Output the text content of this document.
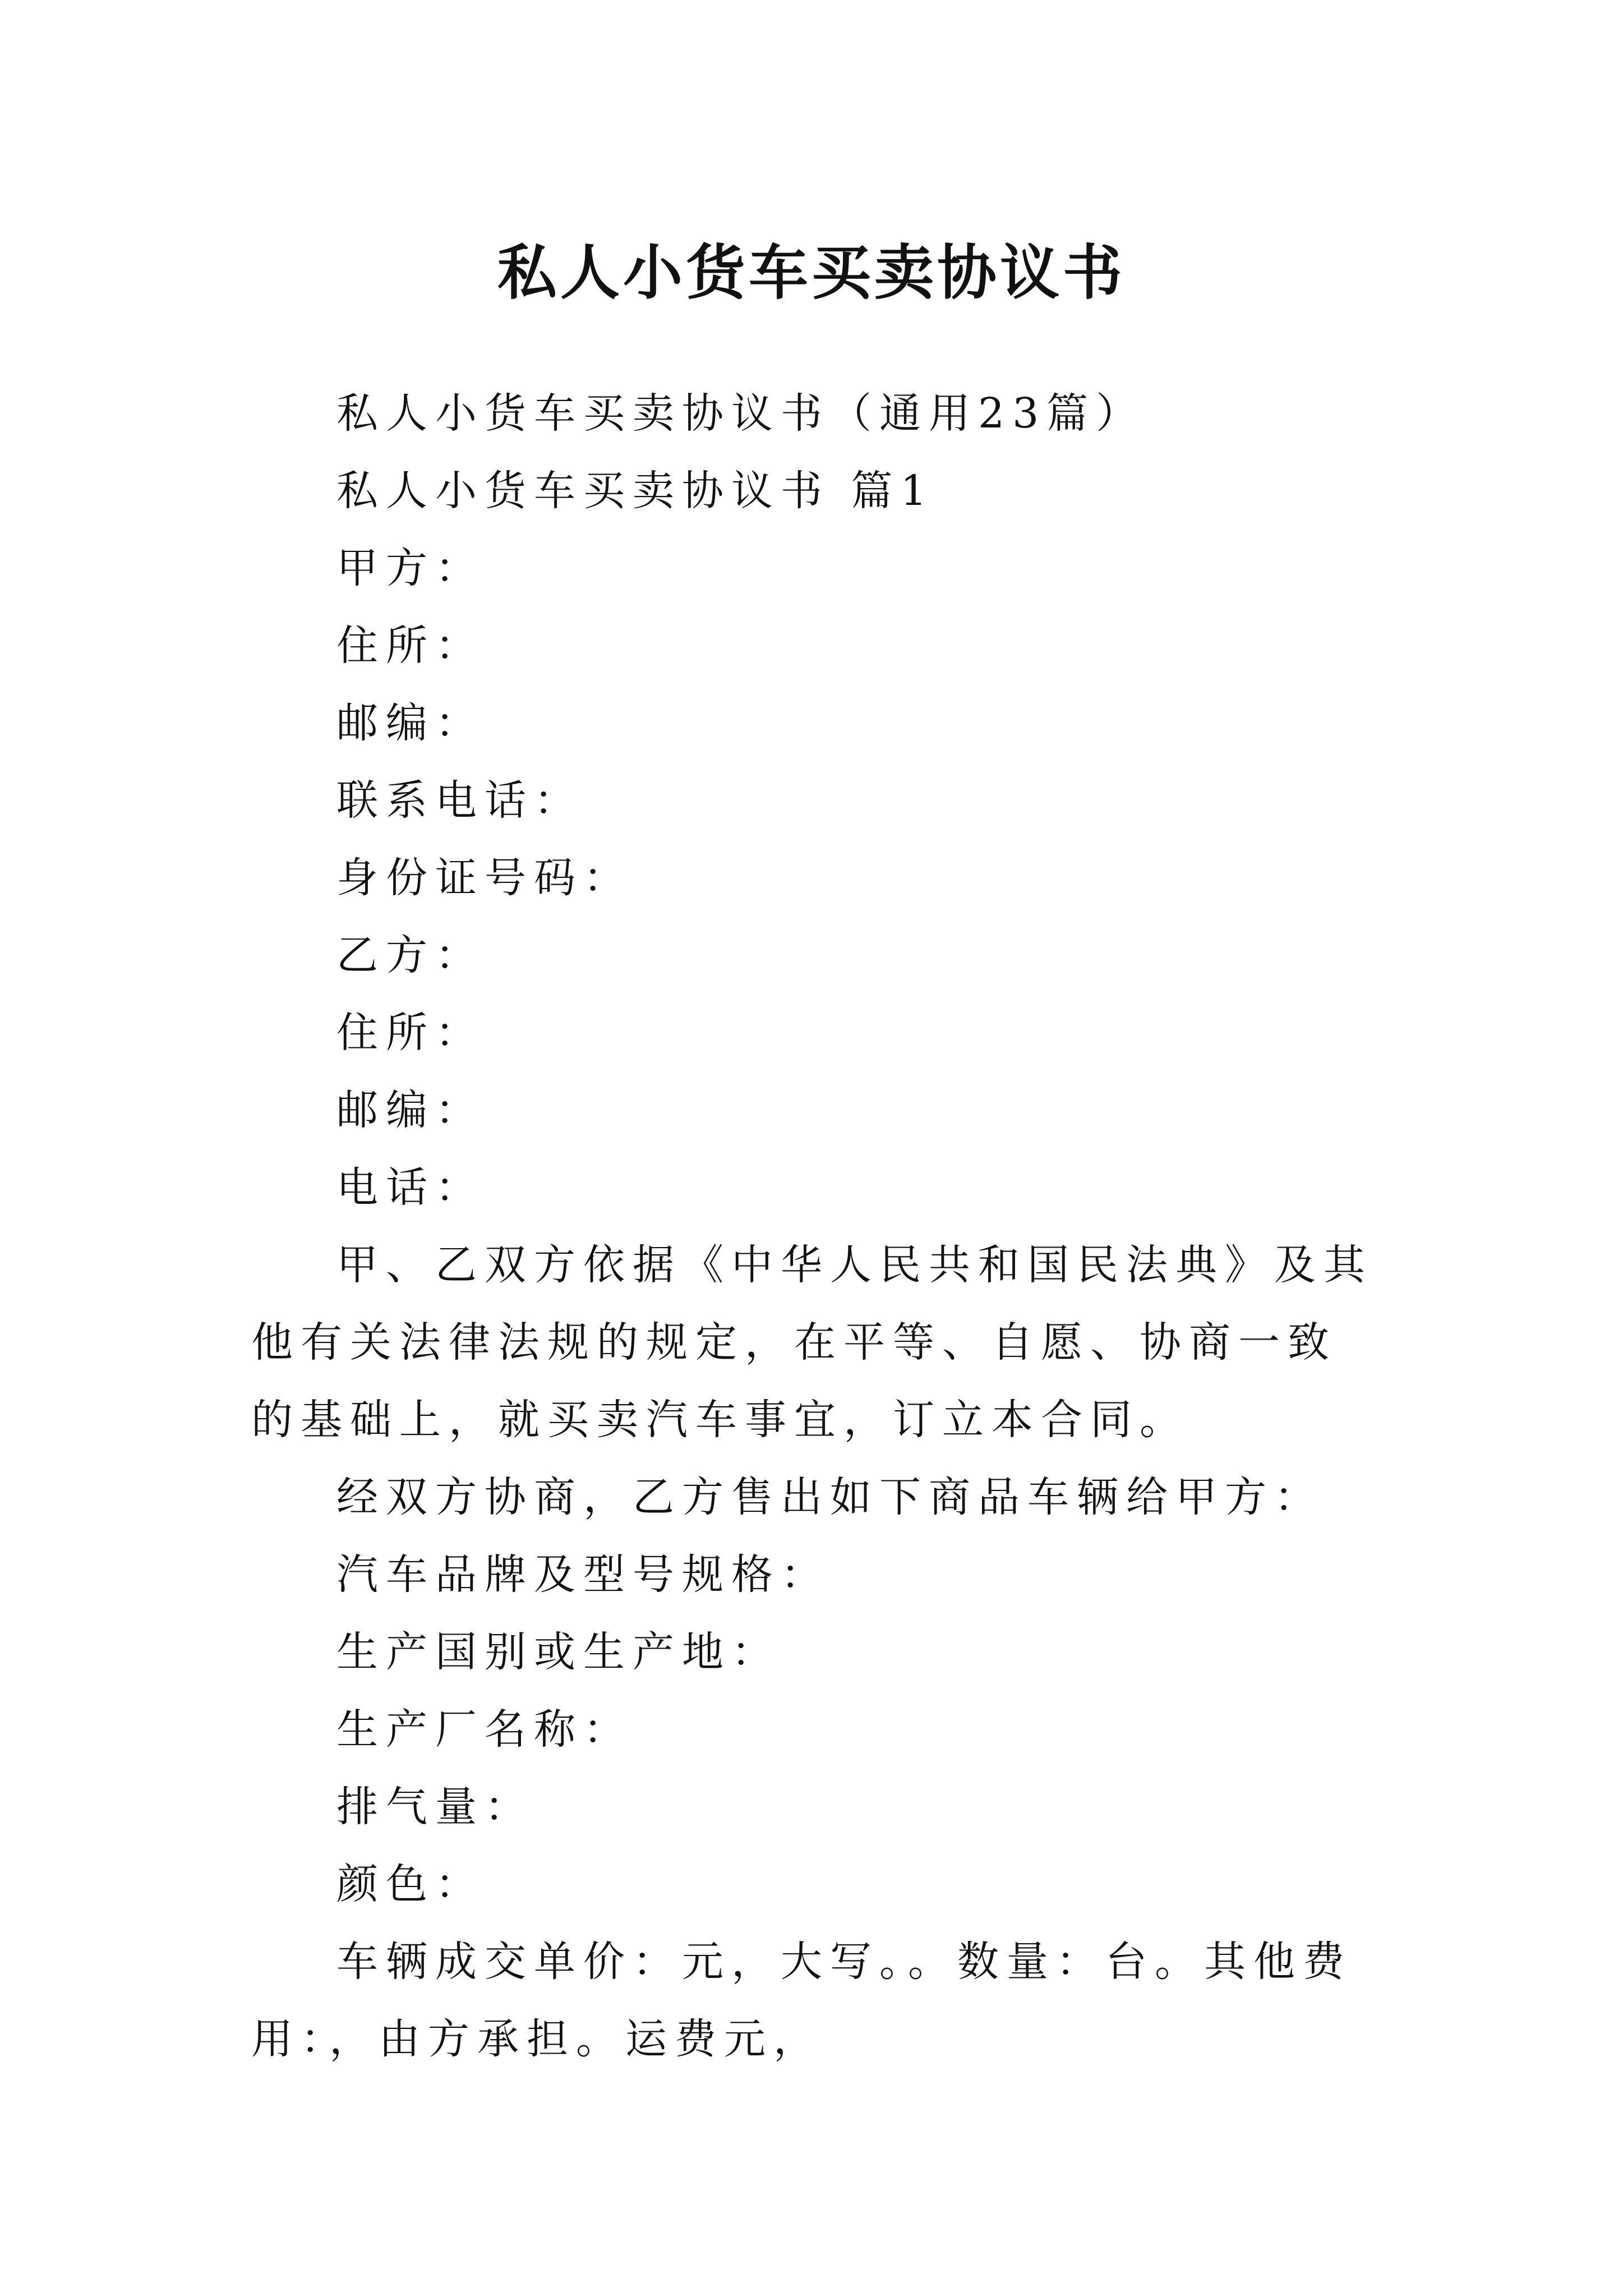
私人小货车买卖协议书

私人小货车买卖协议书（通用23篇）

私人小货车买卖协议书 篇1

甲方：

住所：

邮编：

联系电话：

身份证号码：

乙方：

住所：

邮编：

电话：

甲、乙双方依据《中华人民共和国民法典》及其他有关法律法规的规定，在平等、自愿、协商一致的基础上，就买卖汽车事宜，订立本合同。

经双方协商，乙方售出如下商品车辆给甲方：

汽车品牌及型号规格：

生产国别或生产地：

生产厂名称：

排气量：

颜色：

车辆成交单价：元，大写。。数量：台。其他费用：，由方承担。运费元，
